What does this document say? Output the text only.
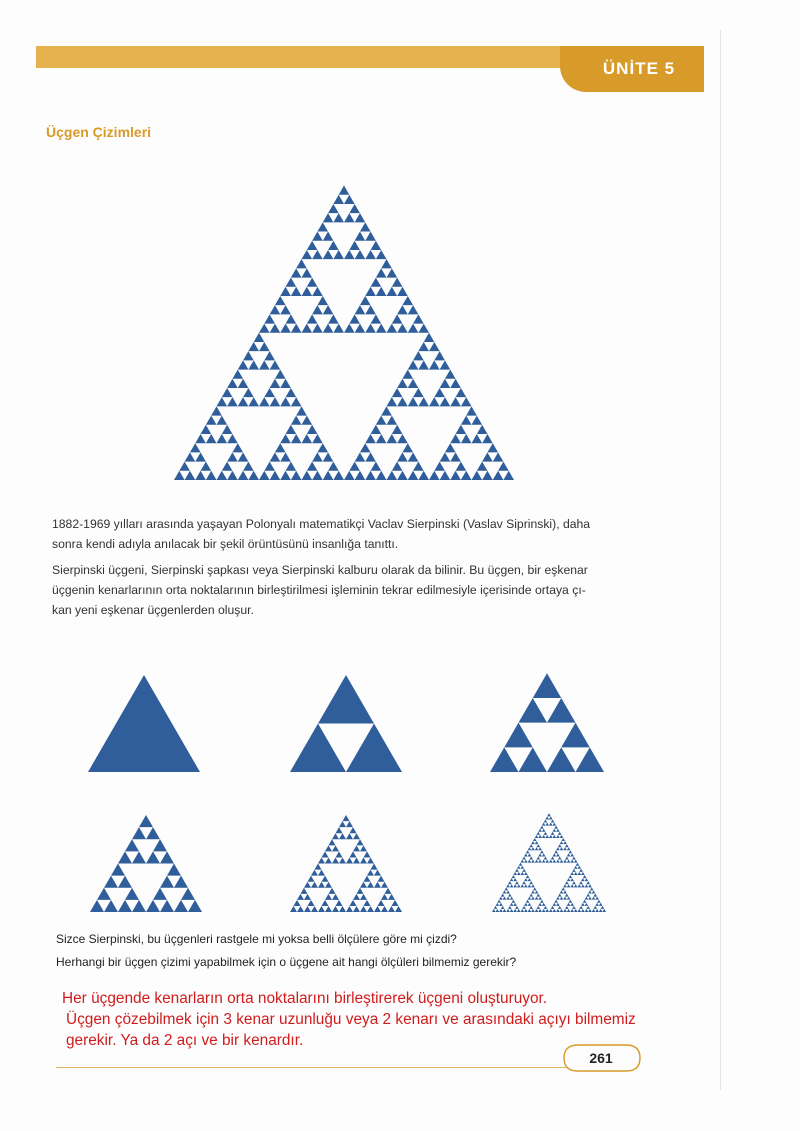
ÜNİTE 5
Üçgen Çizimleri
1882-1969 yılları arasında yaşayan Polonyalı matematikçi Vaclav Sierpinski (Vaslav Siprinski), daha
sonra kendi adıyla anılacak bir şekil örüntüsünü insanlığa tanıttı.
Sierpinski üçgeni, Sierpinski şapkası veya Sierpinski kalburu olarak da bilinir. Bu üçgen, bir eşkenar
üçgenin kenarlarının orta noktalarının birleştirilmesi işleminin tekrar edilmesiyle içerisinde ortaya çı-
kan yeni eşkenar üçgenlerden oluşur.
Sizce Sierpinski, bu üçgenleri rastgele mi yoksa belli ölçülere göre mi çizdi?
Herhangi bir üçgen çizimi yapabilmek için o üçgene ait hangi ölçüleri bilmemiz gerekir?
Her üçgende kenarların orta noktalarını birleştirerek üçgeni oluşturuyor.
Üçgen çözebilmek için 3 kenar uzunluğu veya 2 kenarı ve arasındaki açıyı bilmemiz
gerekir. Ya da 2 açı ve bir kenardır.
261
